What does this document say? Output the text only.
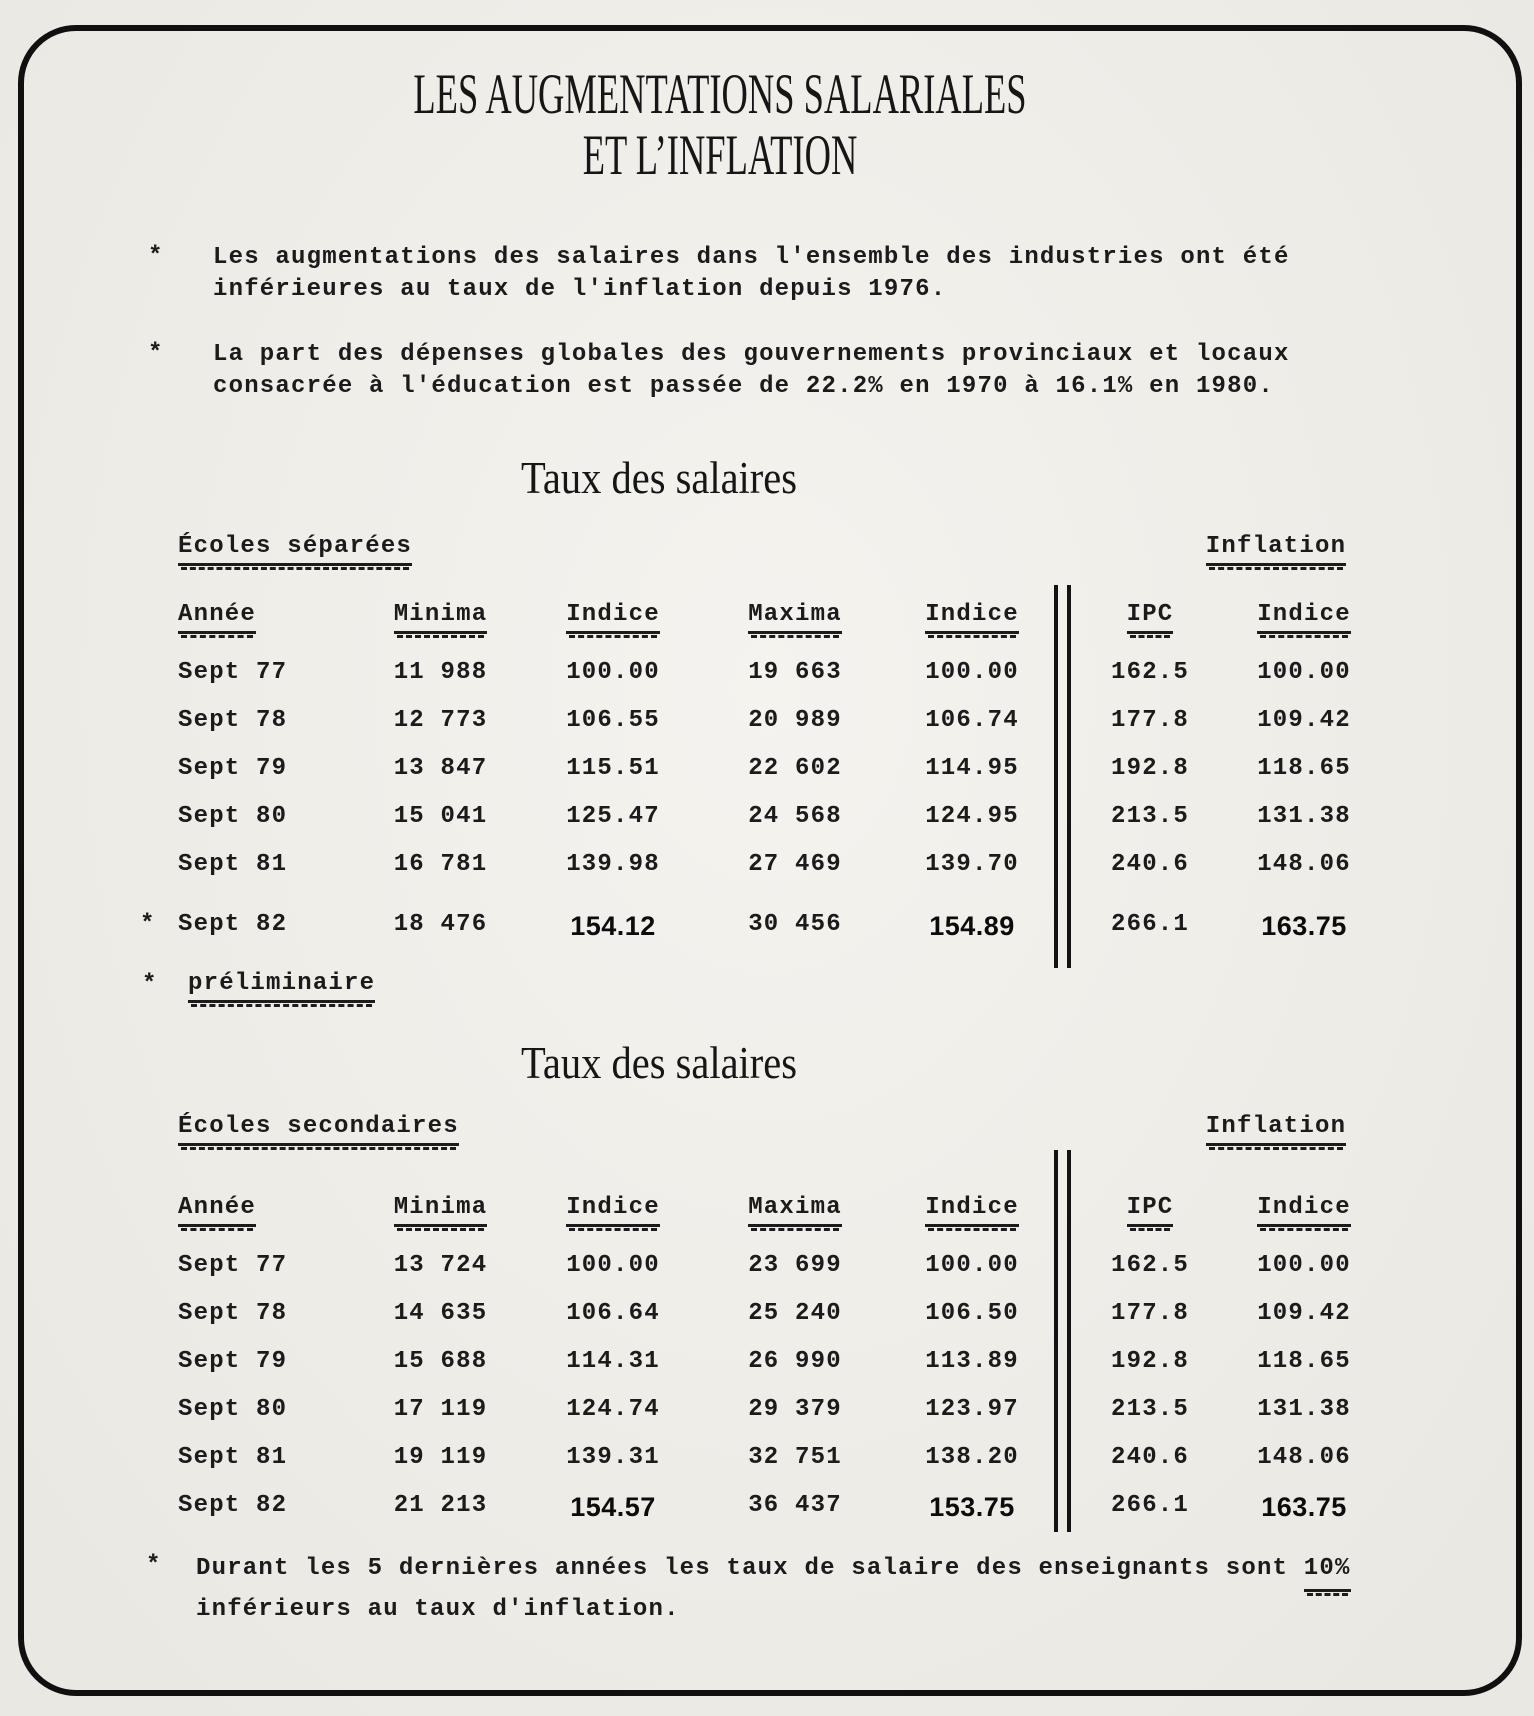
LES AUGMENTATIONS SALARIALES
ET L’INFLATION
* Les augmentations des salaires dans l'ensemble des industries ont été
inférieures au taux de l'inflation depuis 1976.
* La part des dépenses globales des gouvernements provinciaux et locaux
consacrée à l'éducation est passée de 22.2% en 1970 à 16.1% en 1980.
Taux des salaires
Écoles séparées	Inflation
Année	Minima	Indice	Maxima	Indice	IPC	Indice
Sept 77	11 988	100.00	19 663	100.00	162.5	100.00
Sept 78	12 773	106.55	20 989	106.74	177.8	109.42
Sept 79	13 847	115.51	22 602	114.95	192.8	118.65
Sept 80	15 041	125.47	24 568	124.95	213.5	131.38
Sept 81	16 781	139.98	27 469	139.70	240.6	148.06
* Sept 82	18 476	154.12	30 456	154.89	266.1	163.75
* préliminaire
Taux des salaires
Écoles secondaires	Inflation
Année	Minima	Indice	Maxima	Indice	IPC	Indice
Sept 77	13 724	100.00	23 699	100.00	162.5	100.00
Sept 78	14 635	106.64	25 240	106.50	177.8	109.42
Sept 79	15 688	114.31	26 990	113.89	192.8	118.65
Sept 80	17 119	124.74	29 379	123.97	213.5	131.38
Sept 81	19 119	139.31	32 751	138.20	240.6	148.06
Sept 82	21 213	154.57	36 437	153.75	266.1	163.75
* Durant les 5 dernières années les taux de salaire des enseignants sont 10%
inférieurs au taux d'inflation.
